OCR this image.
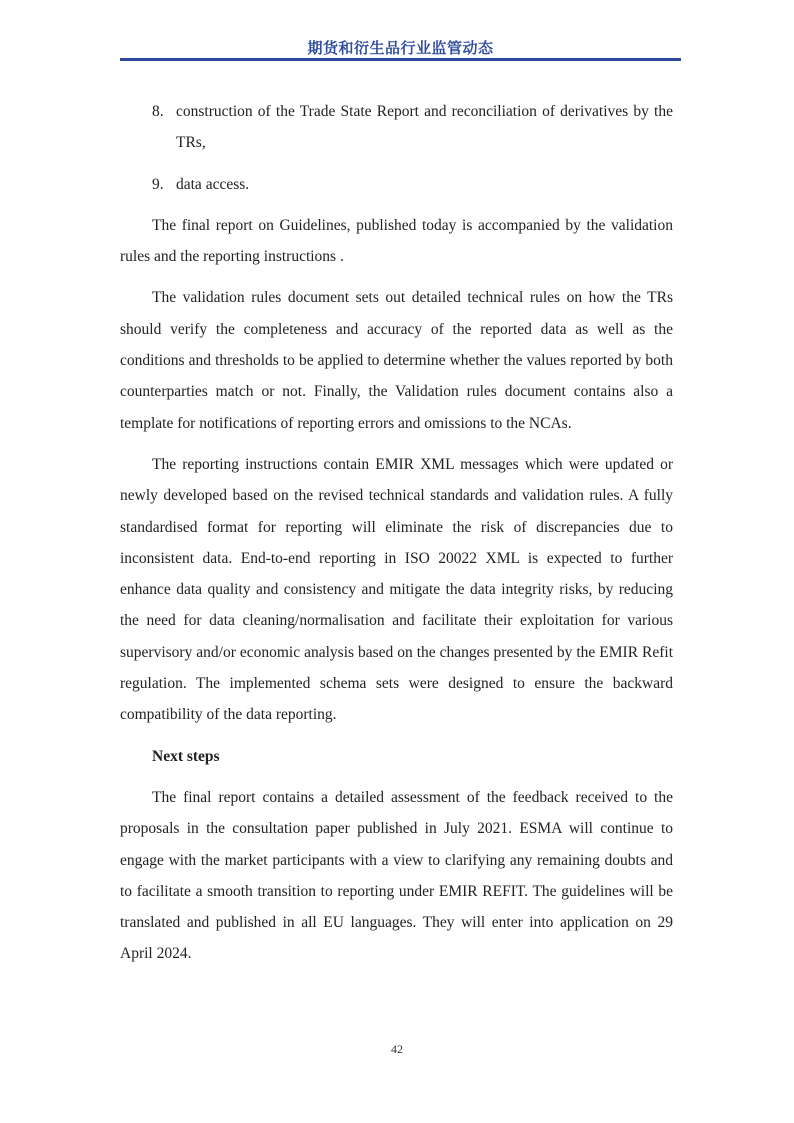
期货和衍生品行业监管动态
8. construction of the Trade State Report and reconciliation of derivatives by the TRs,
9. data access.

The final report on Guidelines, published today is accompanied by the validation rules and the reporting instructions .

The validation rules document sets out detailed technical rules on how the TRs should verify the completeness and accuracy of the reported data as well as the conditions and thresholds to be applied to determine whether the values reported by both counterparties match or not. Finally, the Validation rules document contains also a template for notifications of reporting errors and omissions to the NCAs.

The reporting instructions contain EMIR XML messages which were updated or newly developed based on the revised technical standards and validation rules. A fully standardised format for reporting will eliminate the risk of discrepancies due to inconsistent data. End-to-end reporting in ISO 20022 XML is expected to further enhance data quality and consistency and mitigate the data integrity risks, by reducing the need for data cleaning/normalisation and facilitate their exploitation for various supervisory and/or economic analysis based on the changes presented by the EMIR Refit regulation. The implemented schema sets were designed to ensure the backward compatibility of the data reporting.

Next steps

The final report contains a detailed assessment of the feedback received to the proposals in the consultation paper published in July 2021. ESMA will continue to engage with the market participants with a view to clarifying any remaining doubts and to facilitate a smooth transition to reporting under EMIR REFIT. The guidelines will be translated and published in all EU languages. They will enter into application on 29 April 2024.

42
